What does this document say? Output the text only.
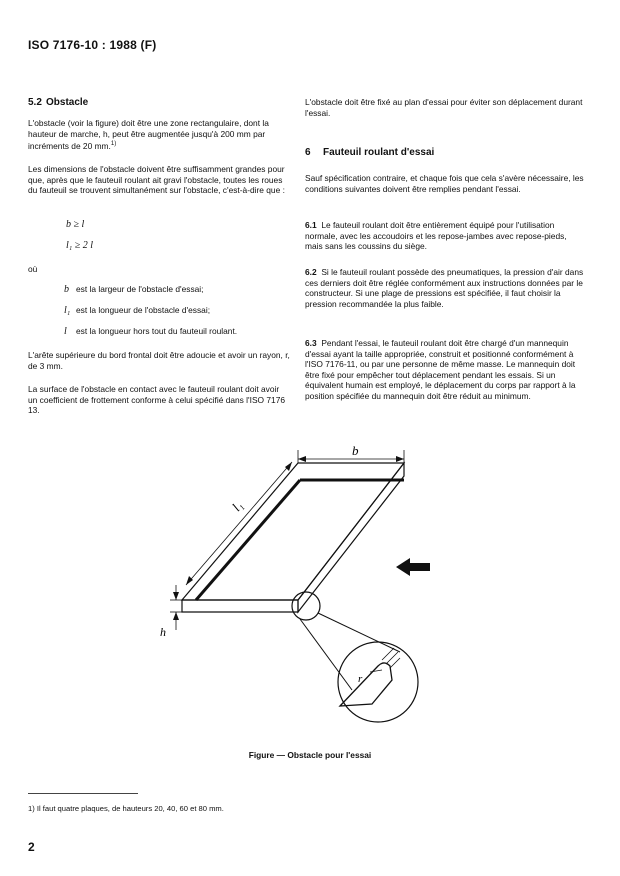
ISO 7176-10 : 1988 (F)
5.2 Obstacle
L'obstacle (voir la figure) doit être une zone rectangulaire, dont la hauteur de marche, h, peut être augmentée jusqu'à 200 mm par incréments de 20 mm.$^{1)}$
Les dimensions de l'obstacle doivent être suffisamment grandes pour que, après que le fauteuil roulant ait gravi l'obstacle, toutes les roues du fauteuil se trouvent simultanément sur l'obstacle, c'est-à-dire que :
b ≥ l
l₁ ≥ 2 l
où
b est la largeur de l'obstacle d'essai;
l₁ est la longueur de l'obstacle d'essai;
l est la longueur hors tout du fauteuil roulant.
L'arête supérieure du bord frontal doit être adoucie et avoir un rayon, r, de 3 mm.
La surface de l'obstacle en contact avec le fauteuil roulant doit avoir un coefficient de frottement conforme à celui spécifié dans l'ISO 7176 13.
L'obstacle doit être fixé au plan d'essai pour éviter son déplacement durant l'essai.
6 Fauteuil roulant d'essai
Sauf spécification contraire, et chaque fois que cela s'avère nécessaire, les conditions suivantes doivent être remplies pendant l'essai.
6.1 Le fauteuil roulant doit être entièrement équipé pour l'utilisation normale, avec les accoudoirs et les repose-jambes avec repose-pieds, mais sans les coussins du siège.
6.2 Si le fauteuil roulant possède des pneumatiques, la pression d'air dans ces derniers doit être réglée conformément aux instructions données par le constructeur. Si une plage de pressions est spécifiée, il faut choisir la pression recommandée la plus faible.
6.3 Pendant l'essai, le fauteuil roulant doit être chargé d'un mannequin d'essai ayant la taille appropriée, construit et positionné conformément à l'ISO 7176-11, ou par une personne de même masse. Le mannequin doit être fixé pour empêcher tout déplacement pendant les essais. Si un équivalent humain est employé, le déplacement du corps par rapport à la position spécifiée du mannequin doit être réduit au minimum.
b
l₁
h
r
Figure — Obstacle pour l'essai
1) Il faut quatre plaques, de hauteurs 20, 40, 60 et 80 mm.
2
